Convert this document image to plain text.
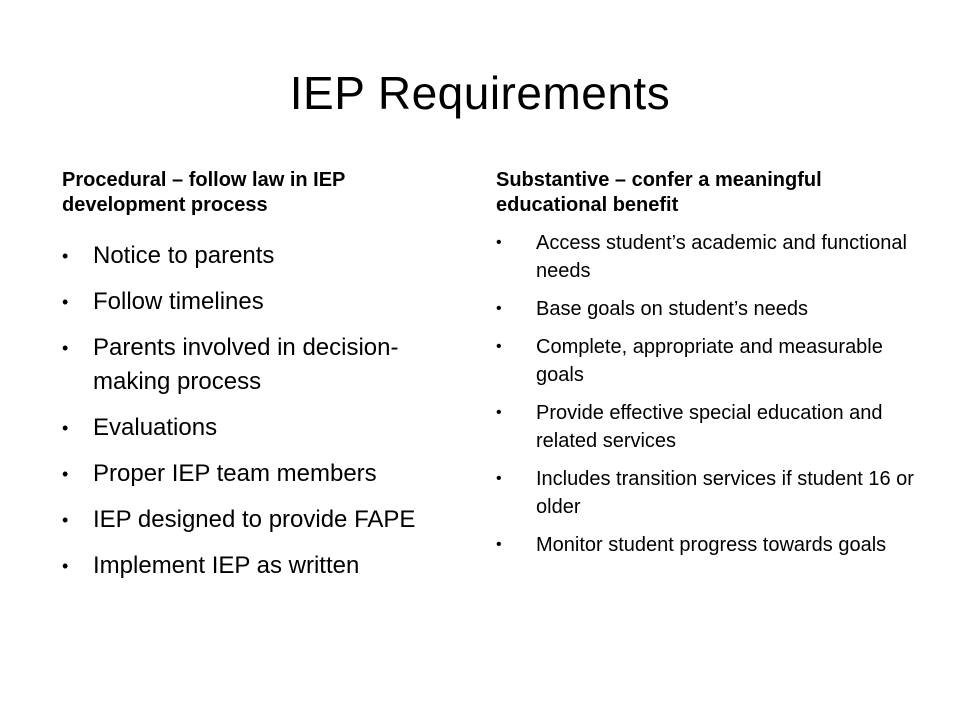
IEP Requirements

Procedural – follow law in IEP development process

• Notice to parents
• Follow timelines
• Parents involved in decision-making process
• Evaluations
• Proper IEP team members
• IEP designed to provide FAPE
• Implement IEP as written

Substantive – confer a meaningful educational benefit

• Access student’s academic and functional needs
• Base goals on student’s needs
• Complete, appropriate and measurable goals
• Provide effective special education and related services
• Includes transition services if student 16 or older
• Monitor student progress towards goals
